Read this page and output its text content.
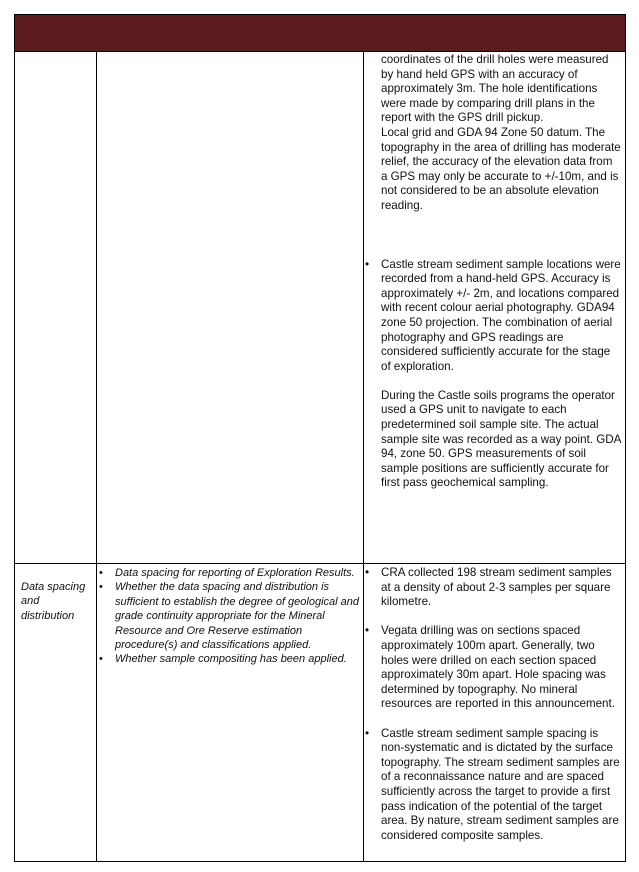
coordinates of the drill holes were measured by hand held GPS with an accuracy of approximately 3m. The hole identifications were made by comparing drill plans in the report with the GPS drill pickup.

Local grid and GDA 94 Zone 50 datum. The topography in the area of drilling has moderate relief, the accuracy of the elevation data from a GPS may only be accurate to +/-10m, and is not considered to be an absolute elevation reading.

• Castle stream sediment sample locations were recorded from a hand-held GPS. Accuracy is approximately +/- 2m, and locations compared with recent colour aerial photography. GDA94 zone 50 projection. The combination of aerial photography and GPS readings are considered sufficiently accurate for the stage of exploration.

During the Castle soils programs the operator used a GPS unit to navigate to each predetermined soil sample site. The actual sample site was recorded as a way point. GDA 94, zone 50. GPS measurements of soil sample positions are sufficiently accurate for first pass geochemical sampling.

Data spacing and distribution

• Data spacing for reporting of Exploration Results.
• Whether the data spacing and distribution is sufficient to establish the degree of geological and grade continuity appropriate for the Mineral Resource and Ore Reserve estimation procedure(s) and classifications applied.
• Whether sample compositing has been applied.

• CRA collected 198 stream sediment samples at a density of about 2-3 samples per square kilometre.

• Vegata drilling was on sections spaced approximately 100m apart. Generally, two holes were drilled on each section spaced approximately 30m apart. Hole spacing was determined by topography. No mineral resources are reported in this announcement.

• Castle stream sediment sample spacing is non-systematic and is dictated by the surface topography. The stream sediment samples are of a reconnaissance nature and are spaced sufficiently across the target to provide a first pass indication of the potential of the target area. By nature, stream sediment samples are considered composite samples.
